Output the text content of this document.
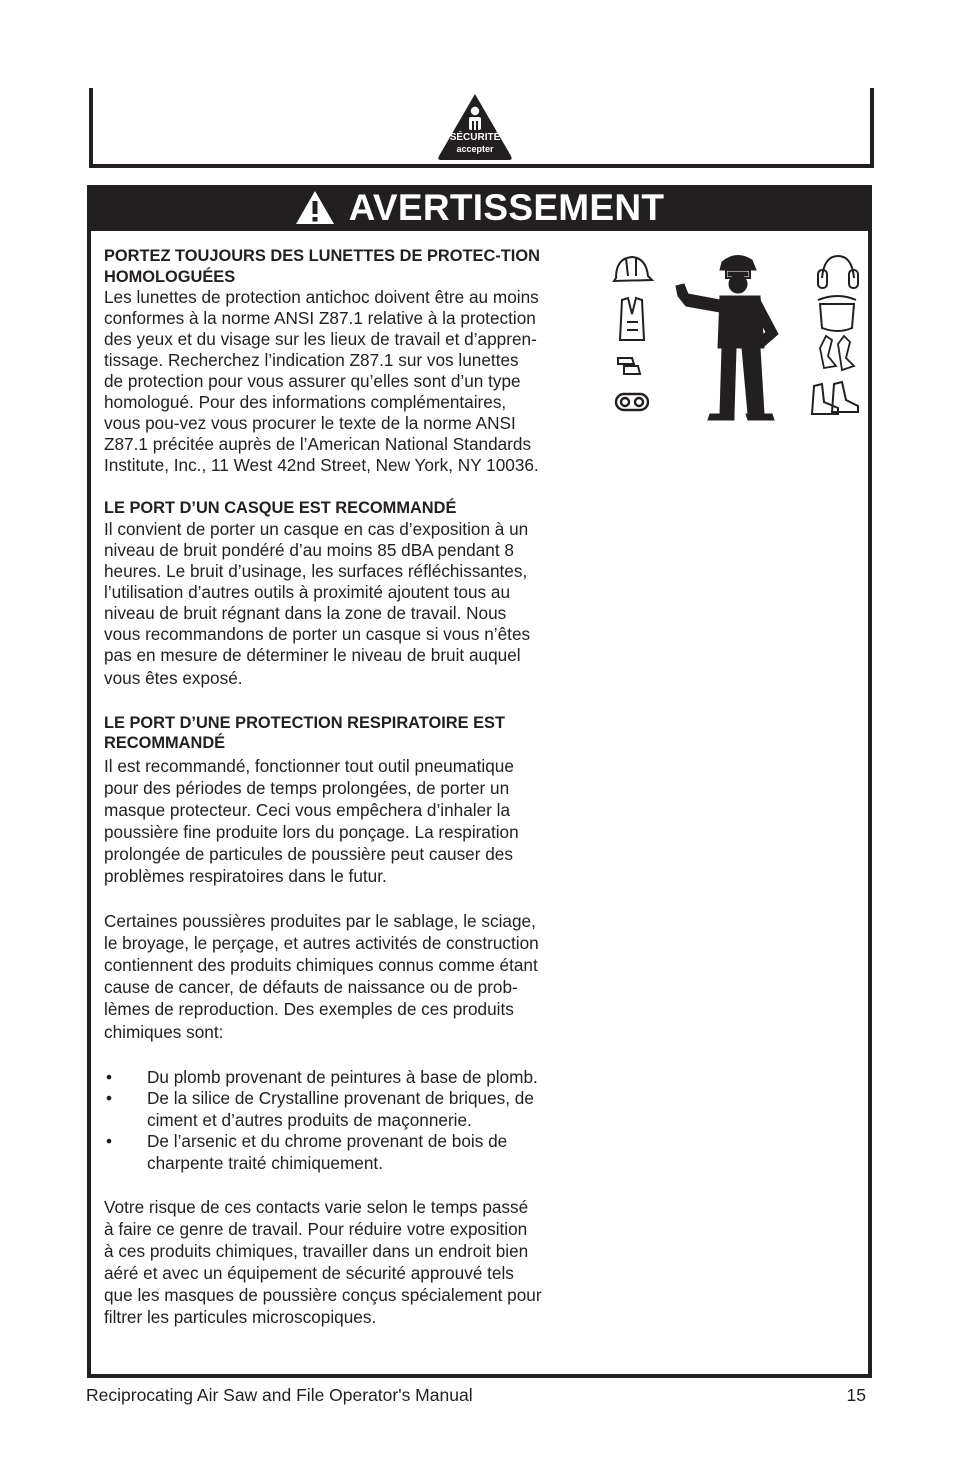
SÉCURITÉ
accepter
AVERTISSEMENT
PORTEZ TOUJOURS DES LUNETTES DE PROTEC-TION HOMOLOGUÉES

Les lunettes de protection antichoc doivent être au moins

conformes à la norme ANSI Z87.1 relative à la protection

des yeux et du visage sur les lieux de travail et d’appren-

tissage. Recherchez l’indication Z87.1 sur vos lunettes

de protection pour vous assurer qu’elles sont d’un type

homologué. Pour des informations complémentaires,

vous pou-vez vous procurer le texte de la norme ANSI

Z87.1 précitée auprès de l’American National Standards

Institute, Inc., 11 West 42nd Street, New York, NY 10036.

LE PORT D’UN CASQUE EST RECOMMANDÉ

Il convient de porter un casque en cas d’exposition à un

niveau de bruit pondéré d’au moins 85 dBA pendant 8

heures. Le bruit d’usinage, les surfaces réfléchissantes,

l’utilisation d’autres outils à proximité ajoutent tous au

niveau de bruit régnant dans la zone de travail. Nous

vous recommandons de porter un casque si vous n’êtes

pas en mesure de déterminer le niveau de bruit auquel

vous êtes exposé.

LE PORT D’UNE PROTECTION RESPIRATOIRE EST RECOMMANDÉ

Il est recommandé, fonctionner tout outil pneumatique

pour des périodes de temps prolongées, de porter un

masque protecteur. Ceci vous empêchera d’inhaler la

poussière fine produite lors du ponçage. La respiration

prolongée de particules de poussière peut causer des

problèmes respiratoires dans le futur.

Certaines poussières produites par le sablage, le sciage,

le broyage, le perçage, et autres activités de construction

contiennent des produits chimiques connus comme étant

cause de cancer, de défauts de naissance ou de prob-

lèmes de reproduction. Des exemples de ces produits

chimiques sont:

• Du plomb provenant de peintures à base de plomb.

• De la silice de Crystalline provenant de briques, de

ciment et d’autres produits de maçonnerie.

• De l’arsenic et du chrome provenant de bois de

charpente traité chimiquement.

Votre risque de ces contacts varie selon le temps passé

à faire ce genre de travail. Pour réduire votre exposition

à ces produits chimiques, travailler dans un endroit bien

aéré et avec un équipement de sécurité approuvé tels

que les masques de poussière conçus spécialement pour

filtrer les particules microscopiques.

Reciprocating Air Saw and File Operator's Manual	15
